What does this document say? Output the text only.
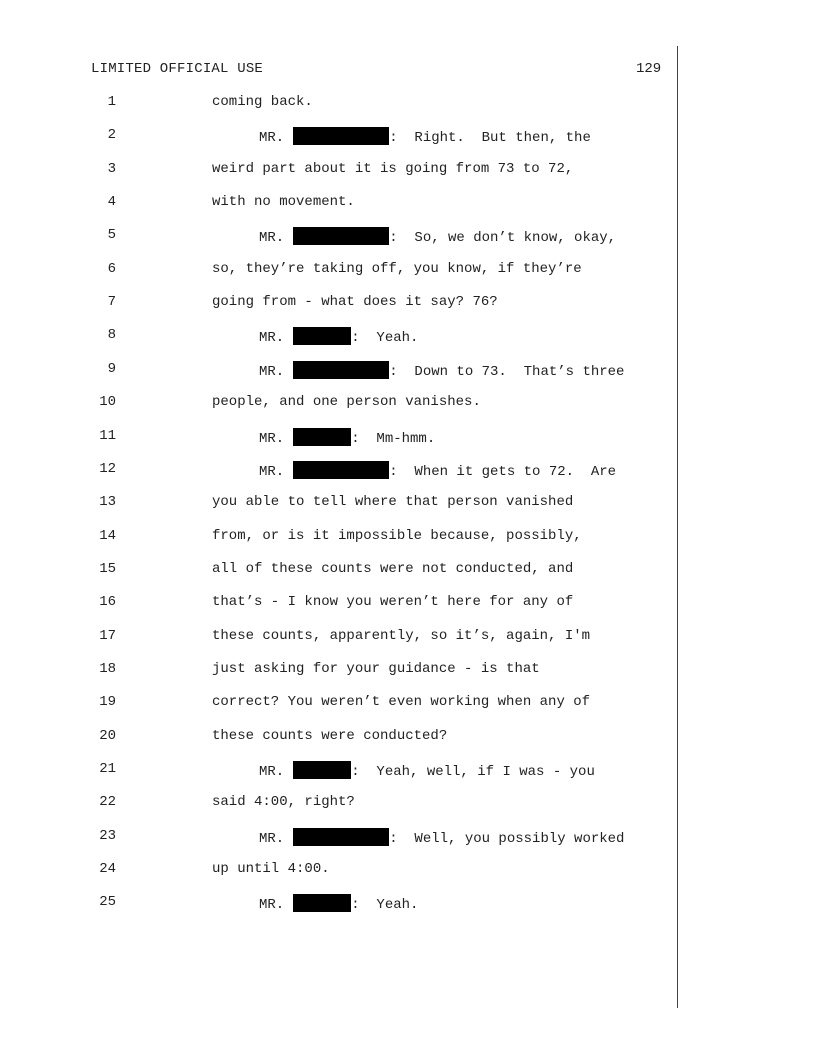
LIMITED OFFICIAL USE	129
1	coming back.
2	MR.	:  Right.  But then, the
3	weird part about it is going from 73 to 72,
4	with no movement.
5	MR.	:  So, we don’t know, okay,
6	so, they’re taking off, you know, if they’re
7	going from - what does it say? 76?
8	MR.	:  Yeah.
9	MR.	:  Down to 73.  That’s three
10	people, and one person vanishes.
11	MR.	:  Mm-hmm.
12	MR.	:  When it gets to 72.  Are
13	you able to tell where that person vanished
14	from, or is it impossible because, possibly,
15	all of these counts were not conducted, and
16	that’s - I know you weren’t here for any of
17	these counts, apparently, so it’s, again, I'm
18	just asking for your guidance - is that
19	correct? You weren’t even working when any of
20	these counts were conducted?
21	MR.	:  Yeah, well, if I was - you
22	said 4:00, right?
23	MR.	:  Well, you possibly worked
24	up until 4:00.
25	MR.	:  Yeah.
